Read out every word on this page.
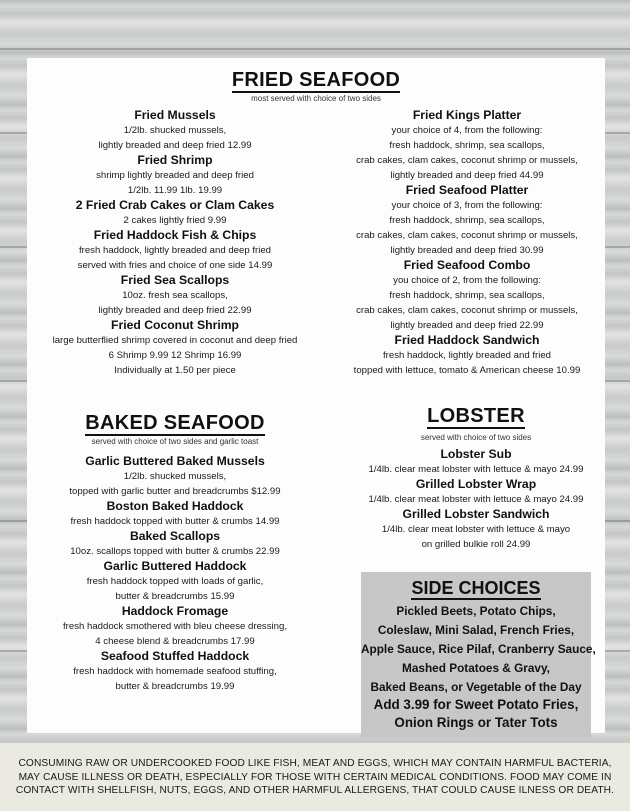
FRIED SEAFOOD
most served with choice of two sides
Fried Mussels
1/2lb. shucked mussels,
lightly breaded and deep fried 12.99
Fried Shrimp
shrimp lightly breaded and deep fried
1/2lb. 11.99 1lb. 19.99
2 Fried Crab Cakes or Clam Cakes
2 cakes lightly fried 9.99
Fried Haddock Fish & Chips
fresh haddock, lightly breaded and deep fried
served with fries and choice of one side 14.99
Fried Sea Scallops
10oz. fresh sea scallops,
lightly breaded and deep fried 22.99
Fried Coconut Shrimp
large butterflied shrimp covered in coconut and deep fried
6 Shrimp 9.99 12 Shrimp 16.99
Individually at 1.50 per piece
Fried Kings Platter
your choice of 4, from the following:
fresh haddock, shrimp, sea scallops,
crab cakes, clam cakes, coconut shrimp or mussels,
lightly breaded and deep fried 44.99
Fried Seafood Platter
your choice of 3, from the following:
fresh haddock, shrimp, sea scallops,
crab cakes, clam cakes, coconut shrimp or mussels,
lightly breaded and deep fried 30.99
Fried Seafood Combo
you choice of 2, from the following:
fresh haddock, shrimp, sea scallops,
crab cakes, clam cakes, coconut shrimp or mussels,
lightly breaded and deep fried 22.99
Fried Haddock Sandwich
fresh haddock, lightly breaded and fried
topped with lettuce, tomato & American cheese 10.99
BAKED SEAFOOD
served with choice of two sides and garlic toast
Garlic Buttered Baked Mussels
1/2lb. shucked mussels,
topped with garlic butter and breadcrumbs $12.99
Boston Baked Haddock
fresh haddock topped with butter & crumbs 14.99
Baked Scallops
10oz. scallops topped with butter & crumbs 22.99
Garlic Buttered Haddock
fresh haddock topped with loads of garlic,
butter & breadcrumbs 15.99
Haddock Fromage
fresh haddock smothered with bleu cheese dressing,
4 cheese blend & breadcrumbs 17.99
Seafood Stuffed Haddock
fresh haddock with homemade seafood stuffing,
butter & breadcrumbs 19.99
LOBSTER
served with choice of two sides
Lobster Sub
1/4lb. clear meat lobster with lettuce & mayo 24.99
Grilled Lobster Wrap
1/4lb. clear meat lobster with lettuce & mayo 24.99
Grilled Lobster Sandwich
1/4lb. clear meat lobster with lettuce & mayo
on grilled bulkie roll 24.99
SIDE CHOICES
Pickled Beets, Potato Chips,
Coleslaw, Mini Salad, French Fries,
Apple Sauce, Rice Pilaf, Cranberry Sauce,
Mashed Potatoes & Gravy,
Baked Beans, or Vegetable of the Day
Add 3.99 for Sweet Potato Fries,
Onion Rings or Tater Tots

CONSUMING RAW OR UNDERCOOKED FOOD LIKE FISH, MEAT AND EGGS, WHICH MAY CONTAIN HARMFUL BACTERIA, MAY CAUSE ILLNESS OR DEATH, ESPECIALLY FOR THOSE WITH CERTAIN MEDICAL CONDITIONS. FOOD MAY COME IN CONTACT WITH SHELLFISH, NUTS, EGGS, AND OTHER HARMFUL ALLERGENS, THAT COULD CAUSE ILNESS OR DEATH.
